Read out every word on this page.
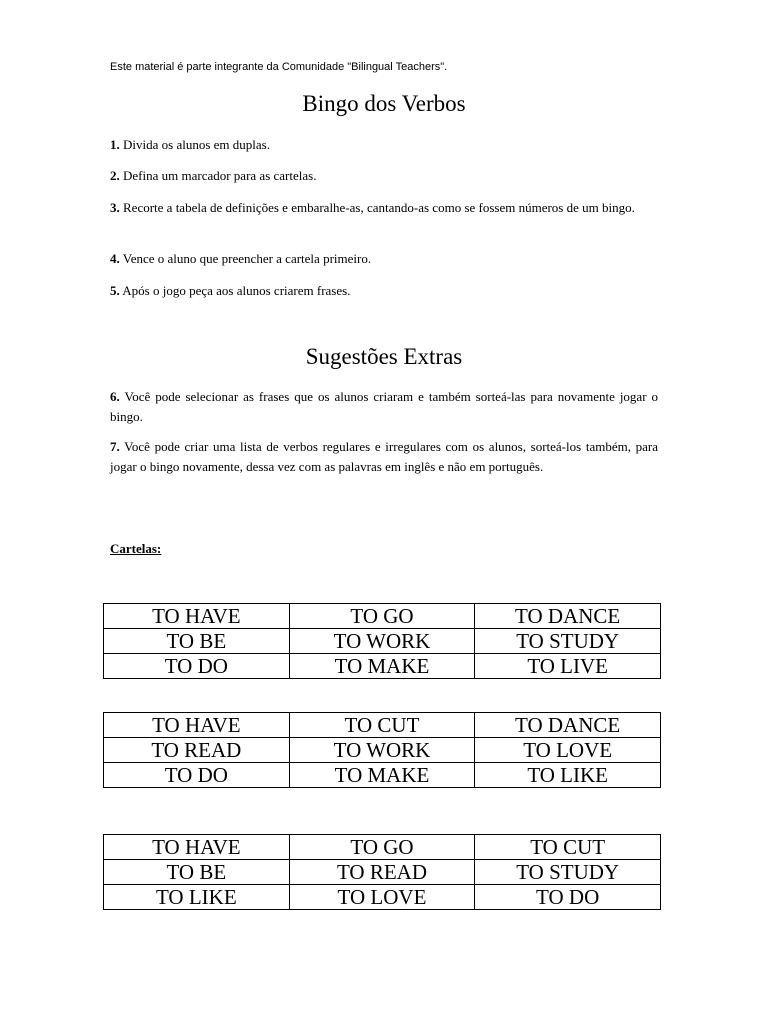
Este material é parte integrante da Comunidade "Bilingual Teachers".
Bingo dos Verbos
1. Divida os alunos em duplas.
2. Defina um marcador para as cartelas.
3. Recorte a tabela de definições e embaralhe-as, cantando-as como se fossem números de um bingo.
4. Vence o aluno que preencher a cartela primeiro.
5. Após o jogo peça aos alunos criarem frases.
Sugestões Extras
6. Você pode selecionar as frases que os alunos criaram e também sorteá-las para novamente jogar o bingo.
7. Você pode criar uma lista de verbos regulares e irregulares com os alunos, sorteá-los também, para jogar o bingo novamente, dessa vez com as palavras em inglês e não em português.
Cartelas:
TO HAVE	TO GO	TO DANCE
TO BE	TO WORK	TO STUDY
TO DO	TO MAKE	TO LIVE
TO HAVE	TO CUT	TO DANCE
TO READ	TO WORK	TO LOVE
TO DO	TO MAKE	TO LIKE
TO HAVE	TO GO	TO CUT
TO BE	TO READ	TO STUDY
TO LIKE	TO LOVE	TO DO
